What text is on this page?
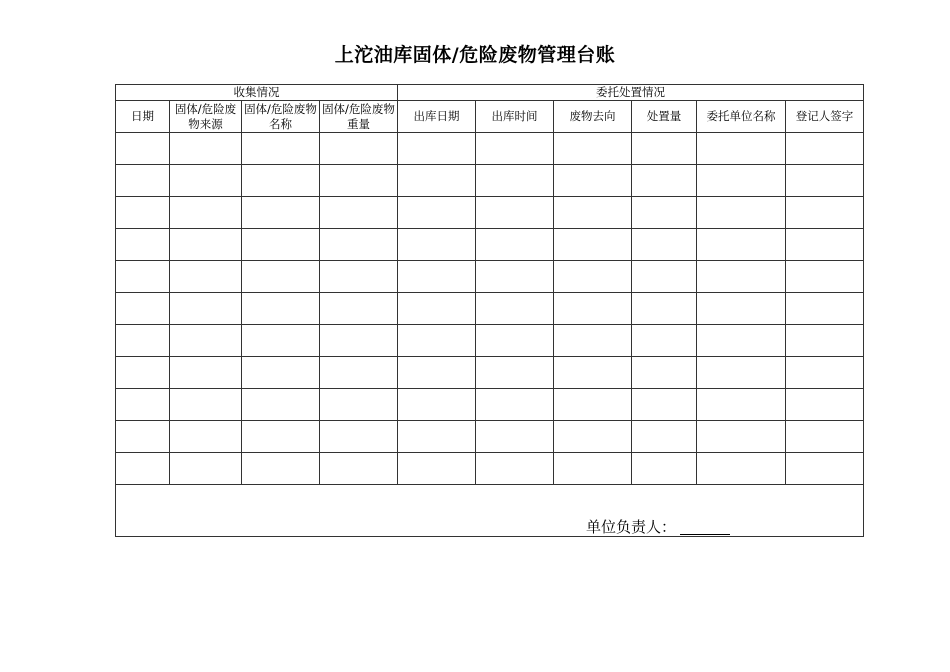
上沱油库固体/危险废物管理台账
收集情况				委托处置情况					
日期	固体/危险废物来源	固体/危险废物名称	固体/危险废物重量	出库日期	出库时间	废物去向	处置量	委托单位名称	登记人签字

单位负责人：									
